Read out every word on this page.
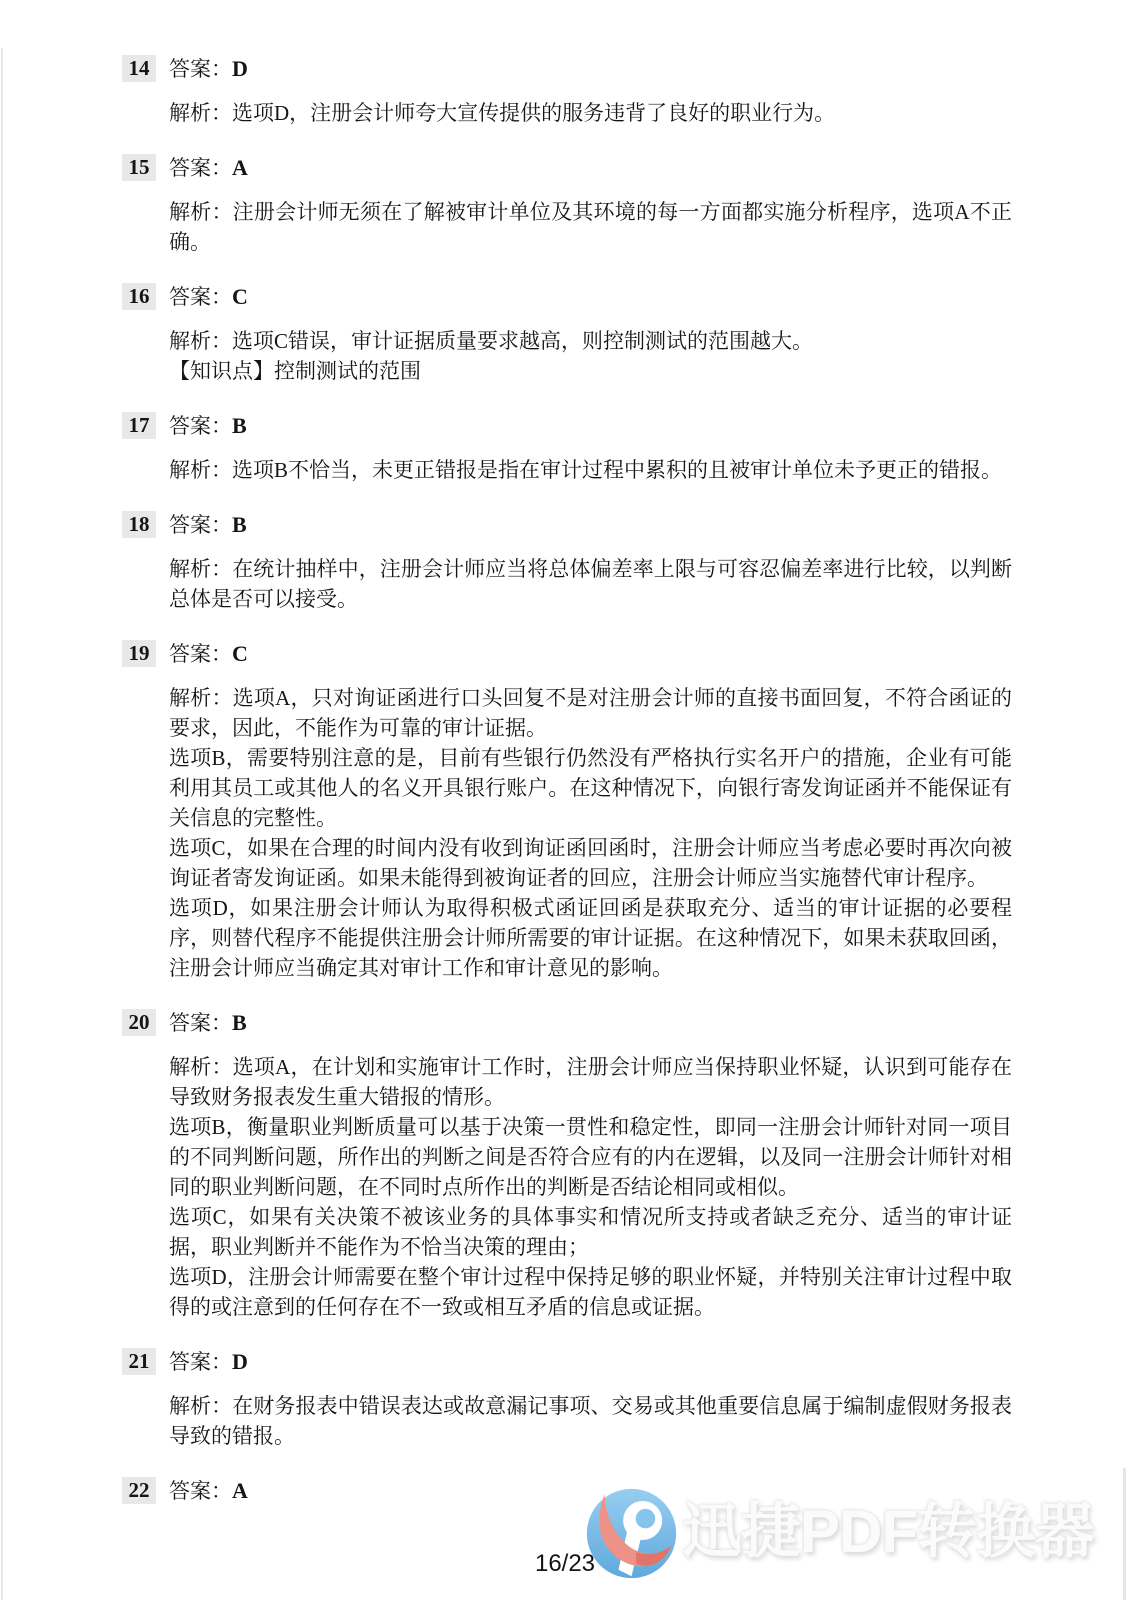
14 答案：D

解析：选项D，注册会计师夸大宣传提供的服务违背了良好的职业行为。

15 答案：A

解析：注册会计师无须在了解被审计单位及其环境的每一方面都实施分析程序，选项A不正确。

16 答案：C

解析：选项C错误，审计证据质量要求越高，则控制测试的范围越大。

【知识点】控制测试的范围

17 答案：B

解析：选项B不恰当，未更正错报是指在审计过程中累积的且被审计单位未予更正的错报。

18 答案：B

解析：在统计抽样中，注册会计师应当将总体偏差率上限与可容忍偏差率进行比较，以判断总体是否可以接受。

19 答案：C

解析：选项A，只对询证函进行口头回复不是对注册会计师的直接书面回复，不符合函证的要求，因此，不能作为可靠的审计证据。

选项B，需要特别注意的是，目前有些银行仍然没有严格执行实名开户的措施，企业有可能利用其员工或其他人的名义开具银行账户。在这种情况下，向银行寄发询证函并不能保证有关信息的完整性。

选项C，如果在合理的时间内没有收到询证函回函时，注册会计师应当考虑必要时再次向被询证者寄发询证函。如果未能得到被询证者的回应，注册会计师应当实施替代审计程序。

选项D，如果注册会计师认为取得积极式函证回函是获取充分、适当的审计证据的必要程序，则替代程序不能提供注册会计师所需要的审计证据。在这种情况下，如果未获取回函，注册会计师应当确定其对审计工作和审计意见的影响。

20 答案：B

解析：选项A，在计划和实施审计工作时，注册会计师应当保持职业怀疑，认识到可能存在导致财务报表发生重大错报的情形。

选项B，衡量职业判断质量可以基于决策一贯性和稳定性，即同一注册会计师针对同一项目的不同判断问题，所作出的判断之间是否符合应有的内在逻辑，以及同一注册会计师针对相同的职业判断问题，在不同时点所作出的判断是否结论相同或相似。

选项C，如果有关决策不被该业务的具体事实和情况所支持或者缺乏充分、适当的审计证据，职业判断并不能作为不恰当决策的理由；

选项D，注册会计师需要在整个审计过程中保持足够的职业怀疑，并特别关注审计过程中取得的或注意到的任何存在不一致或相互矛盾的信息或证据。

21 答案：D

解析：在财务报表中错误表达或故意漏记事项、交易或其他重要信息属于编制虚假财务报表导致的错报。

22 答案：A

迅捷PDF转换器
16/23
